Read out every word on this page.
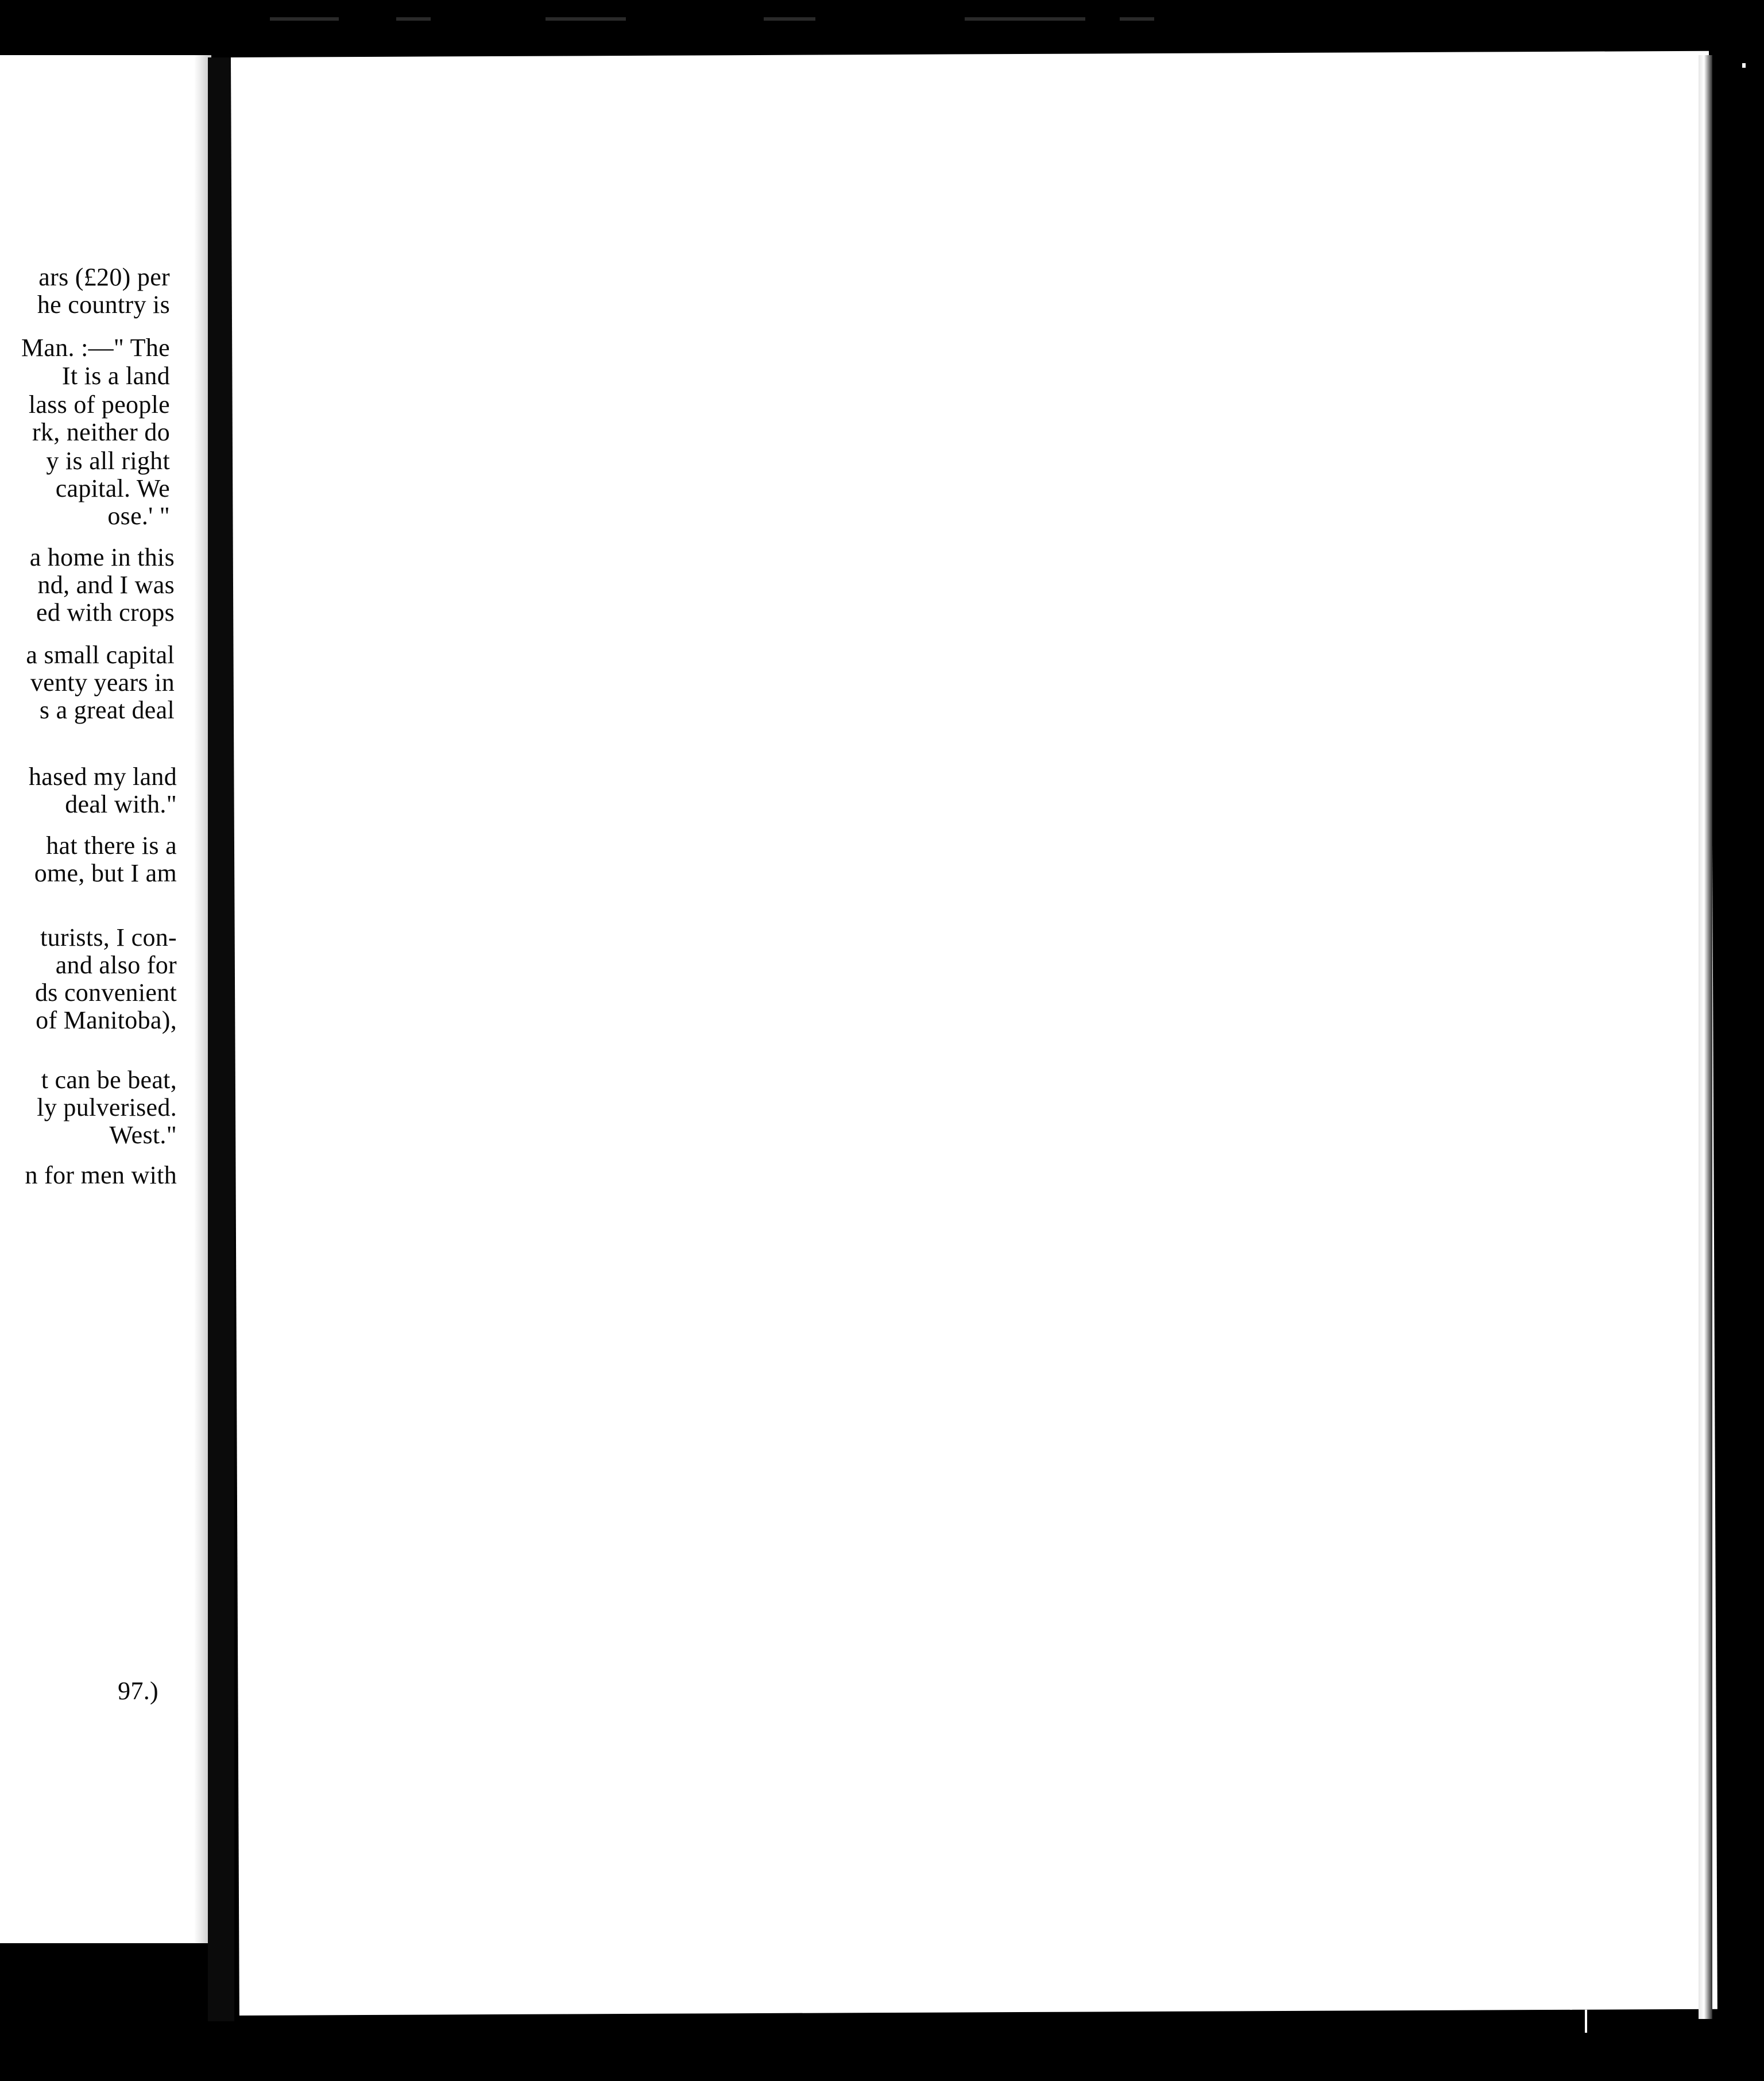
ars (£20) per
he country is
Man. :—" The
It is a land
lass of people
rk, neither do
y is all right
capital. We
ose.' "
a home in this
nd, and I was
ed with crops
a small capital
venty years in
s a great deal
hased my land
deal with."
hat there is a
ome, but I am
turists, I con-
and also for
ds convenient
of Manitoba),
t can be beat,
ly pulverised.
West."
n for men with
97.)
